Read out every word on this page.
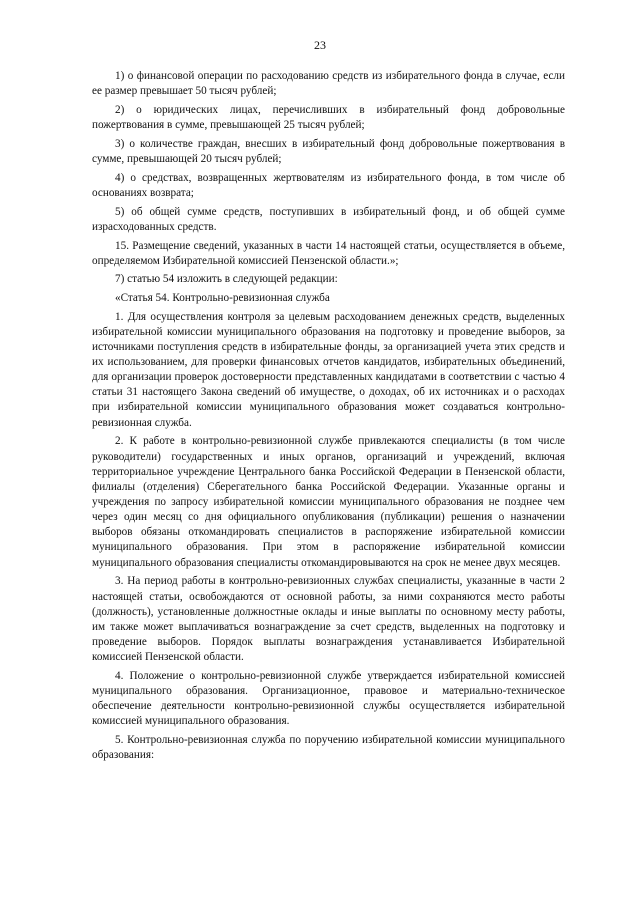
23

1) о финансовой операции по расходованию средств из избирательного фонда в случае, если ее размер превышает 50 тысяч рублей;

2) о юридических лицах, перечисливших в избирательный фонд добровольные пожертвования в сумме, превышающей 25 тысяч рублей;

3) о количестве граждан, внесших в избирательный фонд добровольные пожертвования в сумме, превышающей 20 тысяч рублей;

4) о средствах, возвращенных жертвователям из избирательного фонда, в том числе об основаниях возврата;

5) об общей сумме средств, поступивших в избирательный фонд, и об общей сумме израсходованных средств.

15. Размещение сведений, указанных в части 14 настоящей статьи, осуществляется в объеме, определяемом Избирательной комиссией Пензенской области.»;

7) статью 54 изложить в следующей редакции:

«Статья 54. Контрольно-ревизионная служба

1. Для осуществления контроля за целевым расходованием денежных средств, выделенных избирательной комиссии муниципального образования на подготовку и проведение выборов, за источниками поступления средств в избирательные фонды, за организацией учета этих средств и их использованием, для проверки финансовых отчетов кандидатов, избирательных объединений, для организации проверок достоверности представленных кандидатами в соответствии с частью 4 статьи 31 настоящего Закона сведений об имуществе, о доходах, об их источниках и о расходах при избирательной комиссии муниципального образования может создаваться контрольно-ревизионная служба.

2. К работе в контрольно-ревизионной службе привлекаются специалисты (в том числе руководители) государственных и иных органов, организаций и учреждений, включая территориальное учреждение Центрального банка Российской Федерации в Пензенской области, филиалы (отделения) Сберегательного банка Российской Федерации. Указанные органы и учреждения по запросу избирательной комиссии муниципального образования не позднее чем через один месяц со дня официального опубликования (публикации) решения о назначении выборов обязаны откомандировать специалистов в распоряжение избирательной комиссии муниципального образования. При этом в распоряжение избирательной комиссии муниципального образования специалисты откомандировываются на срок не менее двух месяцев.

3. На период работы в контрольно-ревизионных службах специалисты, указанные в части 2 настоящей статьи, освобождаются от основной работы, за ними сохраняются место работы (должность), установленные должностные оклады и иные выплаты по основному месту работы, им также может выплачиваться вознаграждение за счет средств, выделенных на подготовку и проведение выборов. Порядок выплаты вознаграждения устанавливается Избирательной комиссией Пензенской области.

4. Положение о контрольно-ревизионной службе утверждается избирательной комиссией муниципального образования. Организационное, правовое и материально-техническое обеспечение деятельности контрольно-ревизионной службы осуществляется избирательной комиссией муниципального образования.

5. Контрольно-ревизионная служба по поручению избирательной комиссии муниципального образования:
